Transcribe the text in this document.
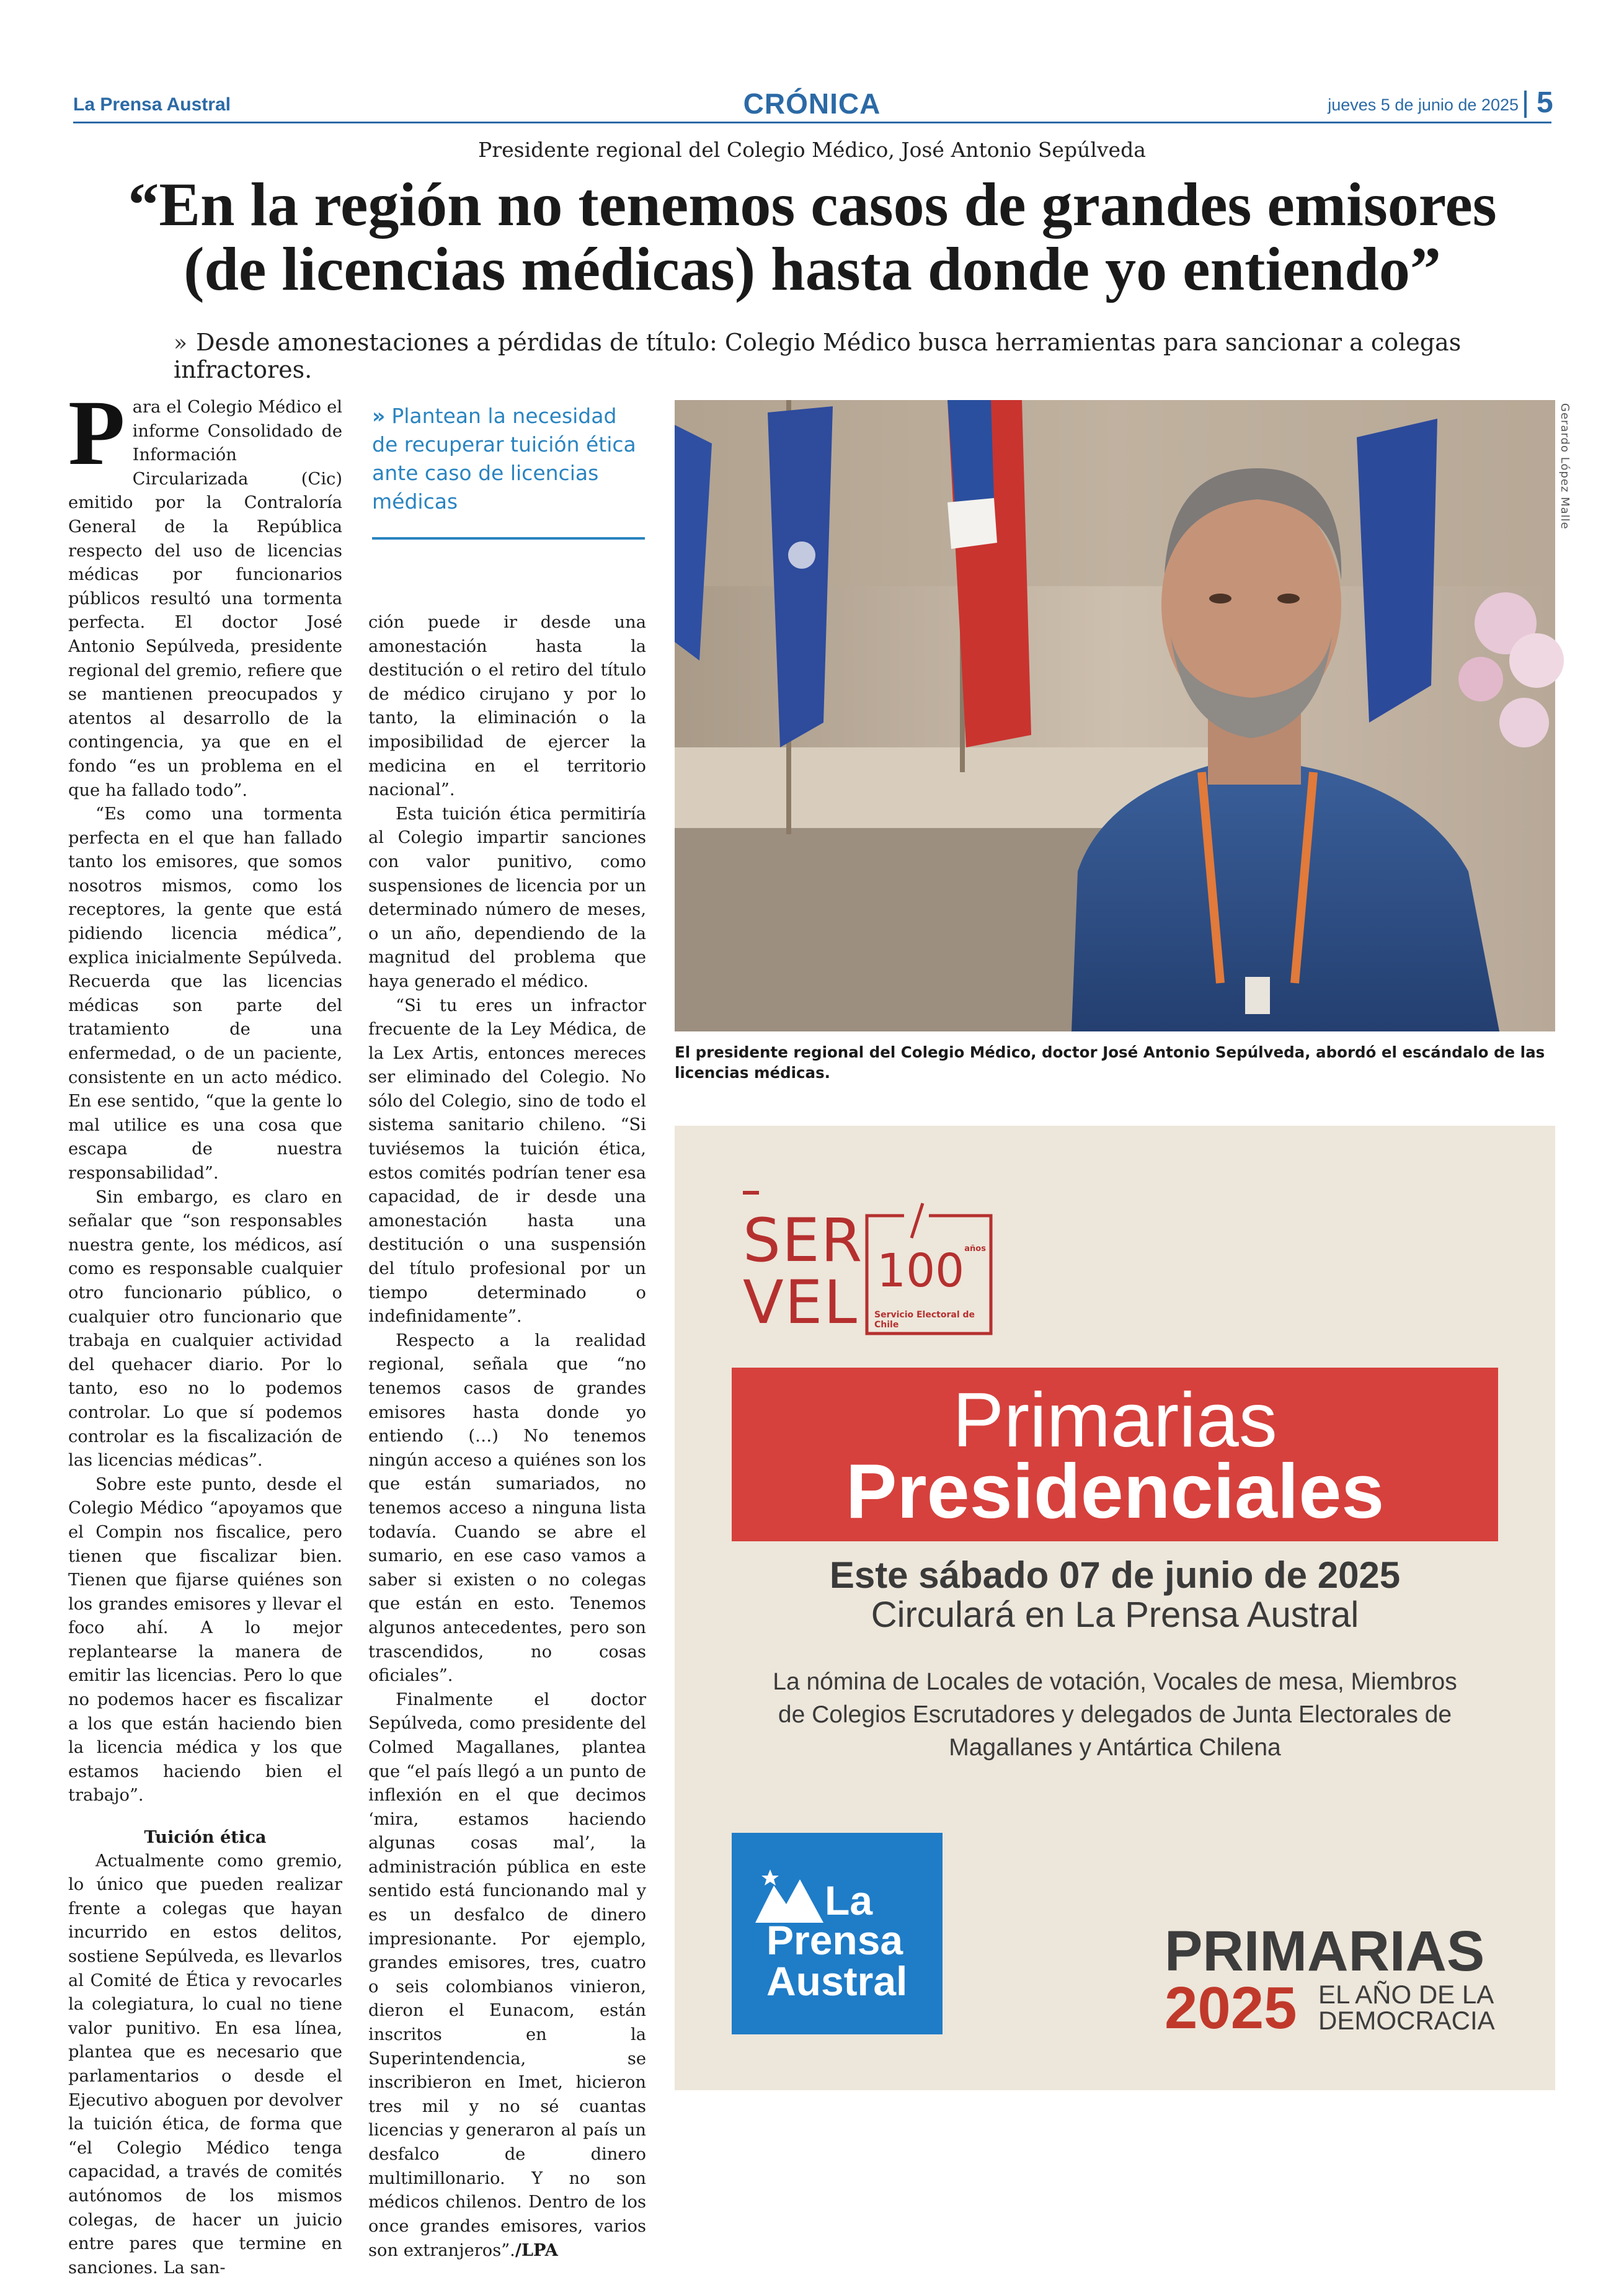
La Prensa Austral	CRÓNICA	jueves 5 de junio de 2025 5
Presidente regional del Colegio Médico, José Antonio Sepúlveda
“En la región no tenemos casos de grandes emisores
(de licencias médicas) hasta donde yo entiendo”
» Desde amonestaciones a pérdidas de título: Colegio Médico busca herramientas para sancionar a colegas infractores.

Para el Colegio Médico el informe Consolidado de Información Circularizada (Cic) emitido por la Contraloría General de la República respecto del uso de licencias médicas por funcionarios públicos resultó una tormenta perfecta. El doctor José Antonio Sepúlveda, presidente regional del gremio, refiere que se mantienen preocupados y atentos al desarrollo de la contingencia, ya que en el fondo “es un problema en el que ha fallado todo”.

“Es como una tormenta perfecta en el que han fallado tanto los emisores, que somos nosotros mismos, como los receptores, la gente que está pidiendo licencia médica”, explica inicialmente Sepúlveda. Recuerda que las licencias médicas son parte del tratamiento de una enfermedad, o de un paciente, consistente en un acto médico. En ese sentido, “que la gente lo mal utilice es una cosa que escapa de nuestra responsabilidad”.

Sin embargo, es claro en señalar que “son responsables nuestra gente, los médicos, así como es responsable cualquier otro funcionario público, o cualquier otro funcionario que trabaja en cualquier actividad del quehacer diario. Por lo tanto, eso no lo podemos controlar. Lo que sí podemos controlar es la fiscalización de las licencias médicas”.

Sobre este punto, desde el Colegio Médico “apoyamos que el Compin nos fiscalice, pero tienen que fiscalizar bien. Tienen que fijarse quiénes son los grandes emisores y llevar el foco ahí. A lo mejor replantearse la manera de emitir las licencias. Pero lo que no podemos hacer es fiscalizar a los que están haciendo bien la licencia médica y los que estamos haciendo bien el trabajo”.

Tuición ética

Actualmente como gremio, lo único que pueden realizar frente a colegas que hayan incurrido en estos delitos, sostiene Sepúlveda, es llevarlos al Comité de Ética y revocarles la colegiatura, lo cual no tiene valor punitivo. En esa línea, plantea que es necesario que parlamentarios o desde el Ejecutivo aboguen por devolver la tuición ética, de forma que “el Colegio Médico tenga capacidad, a través de comités autónomos de los mismos colegas, de hacer un juicio entre pares que termine en sanciones. La san-

» Plantean la necesidad de recuperar tuición ética ante caso de licencias médicas

ción puede ir desde una amonestación hasta la destitución o el retiro del título de médico cirujano y por lo tanto, la eliminación o la imposibilidad de ejercer la medicina en el territorio nacional”.

Esta tuición ética permitiría al Colegio impartir sanciones con valor punitivo, como suspensiones de licencia por un determinado número de meses, o un año, dependiendo de la magnitud del problema que haya generado el médico.

“Si tu eres un infractor frecuente de la Ley Médica, de la Lex Artis, entonces mereces ser eliminado del Colegio. No sólo del Colegio, sino de todo el sistema sanitario chileno. “Si tuviésemos la tuición ética, estos comités podrían tener esa capacidad, de ir desde una amonestación hasta una destitución o una suspensión del título profesional por un tiempo determinado o indefinidamente”.

Respecto a la realidad regional, señala que “no tenemos casos de grandes emisores hasta donde yo entiendo (…) No tenemos ningún acceso a quiénes son los que están sumariados, no tenemos acceso a ninguna lista todavía. Cuando se abre el sumario, en ese caso vamos a saber si existen o no colegas que están en esto. Tenemos algunos antecedentes, pero son trascendidos, no cosas oficiales”.

Finalmente el doctor Sepúlveda, como presidente del Colmed Magallanes, plantea que “el país llegó a un punto de inflexión en el que decimos ‘mira, estamos haciendo algunas cosas mal’, la administración pública en este sentido está funcionando mal y es un desfalco de dinero impresionante. Por ejemplo, grandes emisores, tres, cuatro o seis colombianos vinieron, dieron el Eunacom, están inscritos en la Superintendencia, se inscribieron en Imet, hicieron tres mil y no sé cuantas licencias y generaron al país un desfalco de dinero multimillonario. Y no son médicos chilenos. Dentro de los once grandes emisores, varios son extranjeros”./LPA

Gerardo López Malle
El presidente regional del Colegio Médico, doctor José Antonio Sepúlveda, abordó el escándalo de las licencias médicas.
SER
VEL $100^{años}$
Servicio Electoral de Chile
Primarias
Presidenciales
Este sábado 07 de junio de 2025
Circulará en La Prensa Austral
La nómina de Locales de votación, Vocales de mesa, Miembros de Colegios Escrutadores y delegados de Junta Electorales de Magallanes y Antártica Chilena
La
Prensa
Austral	PRIMARIAS
2025 EL AÑO DE LA
DEMOCRACIA
